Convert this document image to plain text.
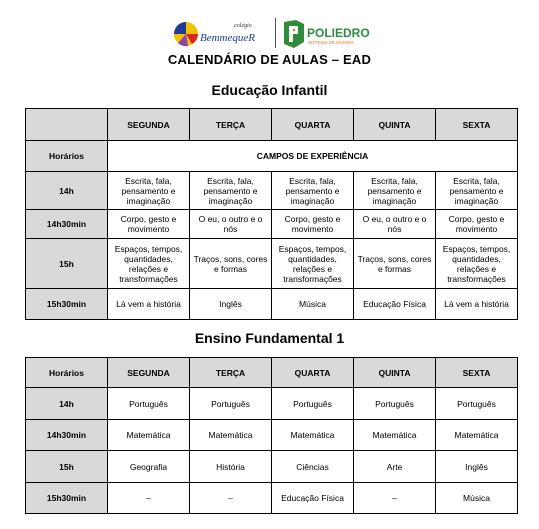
colégio
BemmequeR	POLIEDRO
SISTEMA DE ENSINO
CALENDÁRIO DE AULAS – EAD
Educação Infantil
	SEGUNDA	TERÇA	QUARTA	QUINTA	SEXTA
Horários	CAMPOS DE EXPERIÊNCIA				
14h	Escrita, fala, pensamento e imaginação	Escrita, fala, pensamento e imaginação	Escrita, fala, pensamento e imaginação	Escrita, fala, pensamento e imaginação	Escrita, fala, pensamento e imaginação
14h30min	Corpo, gesto e movimento	O eu, o outro e o nós	Corpo, gesto e movimento	O eu, o outro e o nós	Corpo, gesto e movimento
15h	Espaços, tempos, quantidades, relações e transformações	Traços, sons, cores e formas	Espaços, tempos, quantidades, relações e transformações	Traços, sons, cores e formas	Espaços, tempos, quantidades, relações e transformações
15h30min	Lá vem a história	Inglês	Música	Educação Física	Lá vem a história
Ensino Fundamental 1
Horários	SEGUNDA	TERÇA	QUARTA	QUINTA	SEXTA
14h	Português	Português	Português	Português	Português
14h30min	Matemática	Matemática	Matemática	Matemática	Matemática
15h	Geografia	História	Ciências	Arte	Inglês
15h30min	–	–	Educação Física	–	Música
